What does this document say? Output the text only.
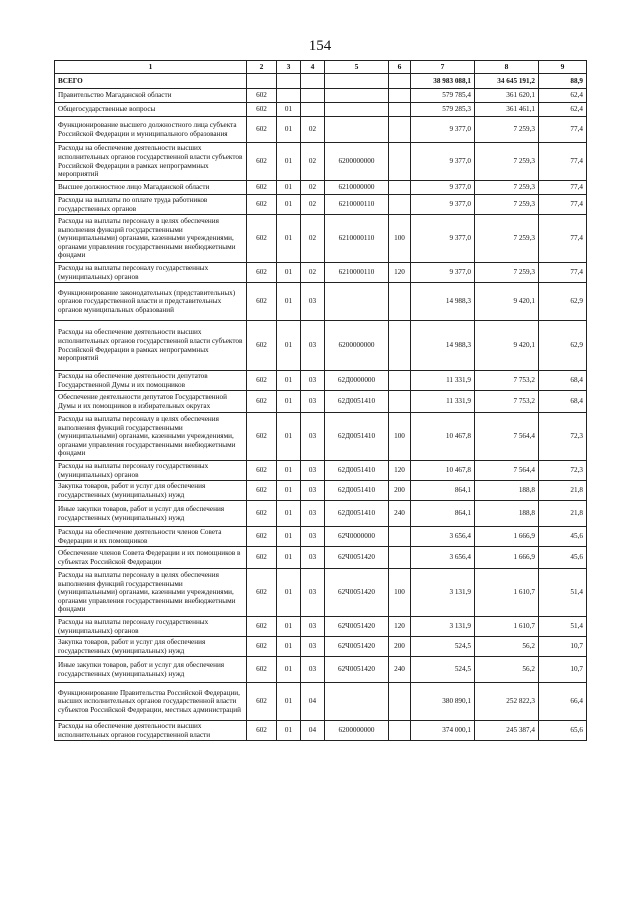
154
1	2	3	4	5	6	7	8	9
ВСЕГО						38 983 088,1	34 645 191,2	88,9
Правительство Магаданской области	602					579 785,4	361 620,1	62,4
Общегосударственные вопросы	602	01				579 285,3	361 461,1	62,4
Функционирование высшего должностного лица субъекта Российской Федерации и муниципального образования	602	01	02			9 377,0	7 259,3	77,4
Расходы на обеспечение деятельности высших исполнительных органов государственной власти субъектов Российской Федерации в рамках непрограммных мероприятий	602	01	02	6200000000		9 377,0	7 259,3	77,4
Высшее должностное лицо Магаданской области	602	01	02	6210000000		9 377,0	7 259,3	77,4
Расходы на выплаты по оплате труда работников государственных органов	602	01	02	6210000110		9 377,0	7 259,3	77,4
Расходы на выплаты персоналу в целях обеспечения выполнения функций государственными (муниципальными) органами, казенными учреждениями, органами управления государственными внебюджетными фондами	602	01	02	6210000110	100	9 377,0	7 259,3	77,4
Расходы на выплаты персоналу государственных (муниципальных) органов	602	01	02	6210000110	120	9 377,0	7 259,3	77,4
Функционирование законодательных (представительных) органов государственной власти и представительных органов муниципальных образований	602	01	03			14 988,3	9 420,1	62,9
Расходы на обеспечение деятельности высших исполнительных органов государственной власти субъектов Российской Федерации в рамках непрограммных мероприятий	602	01	03	6200000000		14 988,3	9 420,1	62,9
Расходы на обеспечение деятельности депутатов Государственной Думы и их помощников	602	01	03	62Д0000000		11 331,9	7 753,2	68,4
Обеспечение деятельности депутатов Государственной Думы и их помощников в избирательных округах	602	01	03	62Д0051410		11 331,9	7 753,2	68,4
Расходы на выплаты персоналу в целях обеспечения выполнения функций государственными (муниципальными) органами, казенными учреждениями, органами управления государственными внебюджетными фондами	602	01	03	62Д0051410	100	10 467,8	7 564,4	72,3
Расходы на выплаты персоналу государственных (муниципальных) органов	602	01	03	62Д0051410	120	10 467,8	7 564,4	72,3
Закупка товаров, работ и услуг для обеспечения государственных (муниципальных) нужд	602	01	03	62Д0051410	200	864,1	188,8	21,8
Иные закупки товаров, работ и услуг для обеспечения государственных (муниципальных) нужд	602	01	03	62Д0051410	240	864,1	188,8	21,8
Расходы на обеспечение деятельности членов Совета Федерации и их помощников	602	01	03	62Ч0000000		3 656,4	1 666,9	45,6
Обеспечение членов Совета Федерации и их помощников в субъектах Российской Федерации	602	01	03	62Ч0051420		3 656,4	1 666,9	45,6
Расходы на выплаты персоналу в целях обеспечения выполнения функций государственными (муниципальными) органами, казенными учреждениями, органами управления государственными внебюджетными фондами	602	01	03	62Ч0051420	100	3 131,9	1 610,7	51,4
Расходы на выплаты персоналу государственных (муниципальных) органов	602	01	03	62Ч0051420	120	3 131,9	1 610,7	51,4
Закупка товаров, работ и услуг для обеспечения государственных (муниципальных) нужд	602	01	03	62Ч0051420	200	524,5	56,2	10,7
Иные закупки товаров, работ и услуг для обеспечения государственных (муниципальных) нужд	602	01	03	62Ч0051420	240	524,5	56,2	10,7
Функционирование Правительства Российской Федерации, высших исполнительных органов государственной власти субъектов Российской Федерации, местных администраций	602	01	04			380 890,1	252 822,3	66,4
Расходы на обеспечение деятельности высших исполнительных органов государственной власти	602	01	04	6200000000		374 000,1	245 387,4	65,6
